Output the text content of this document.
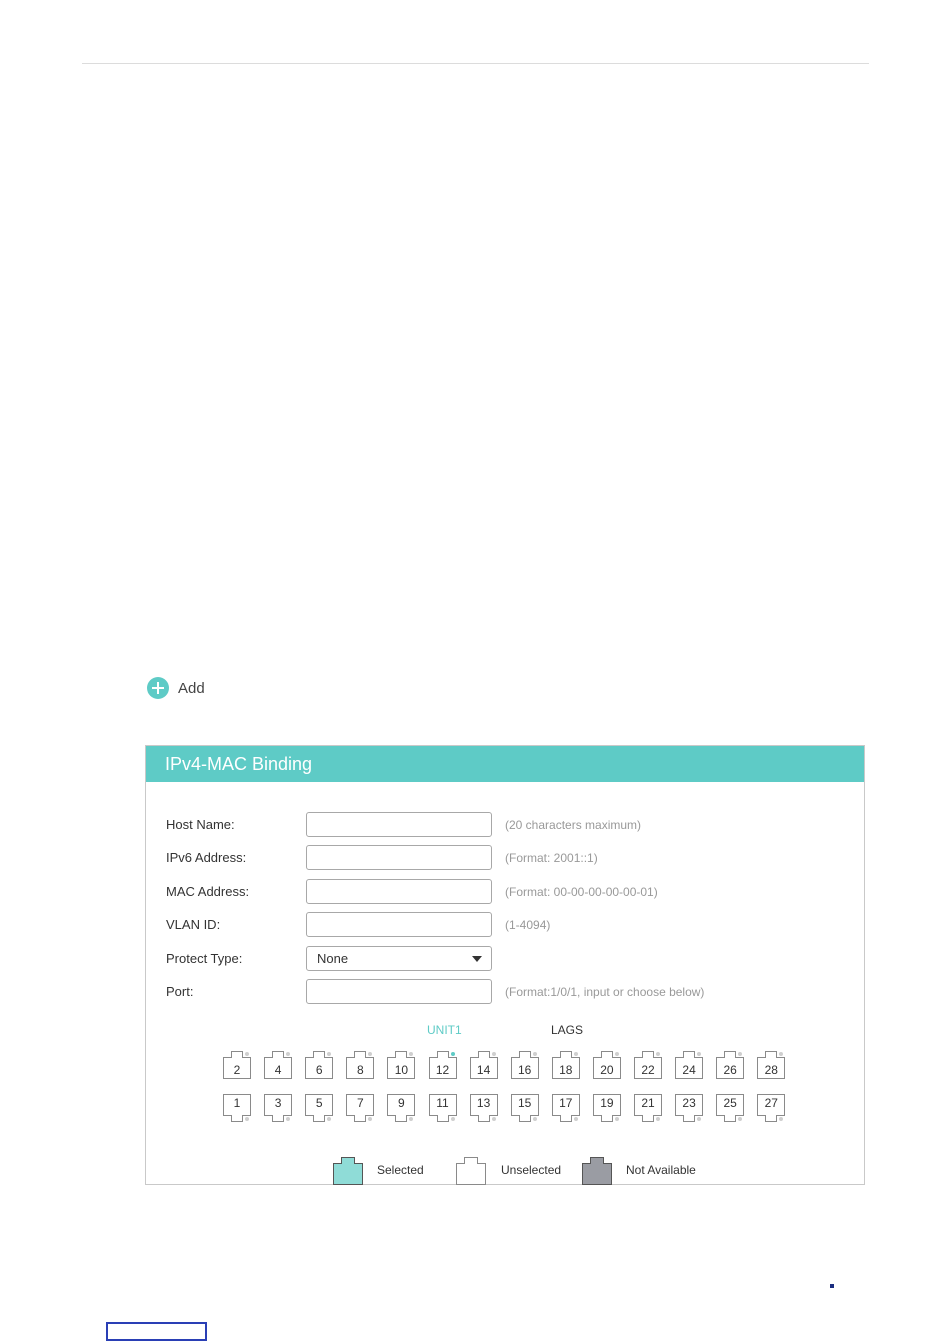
Add
IPv4-MAC Binding
Host Name:	(20 characters maximum)
IPv6 Address:	(Format: 2001::1)
MAC Address:	(Format: 00-00-00-00-00-01)
VLAN ID:	(1-4094)
Protect Type:	None
Port:	(Format:1/0/1, input or choose below)
UNIT1	LAGS
2	4	6	8	10	12	14	16	18	20	22	24	26	28
1	3	5	7	9	11	13	15	17	19	21	23	25	27
Selected	Unselected	Not Available
